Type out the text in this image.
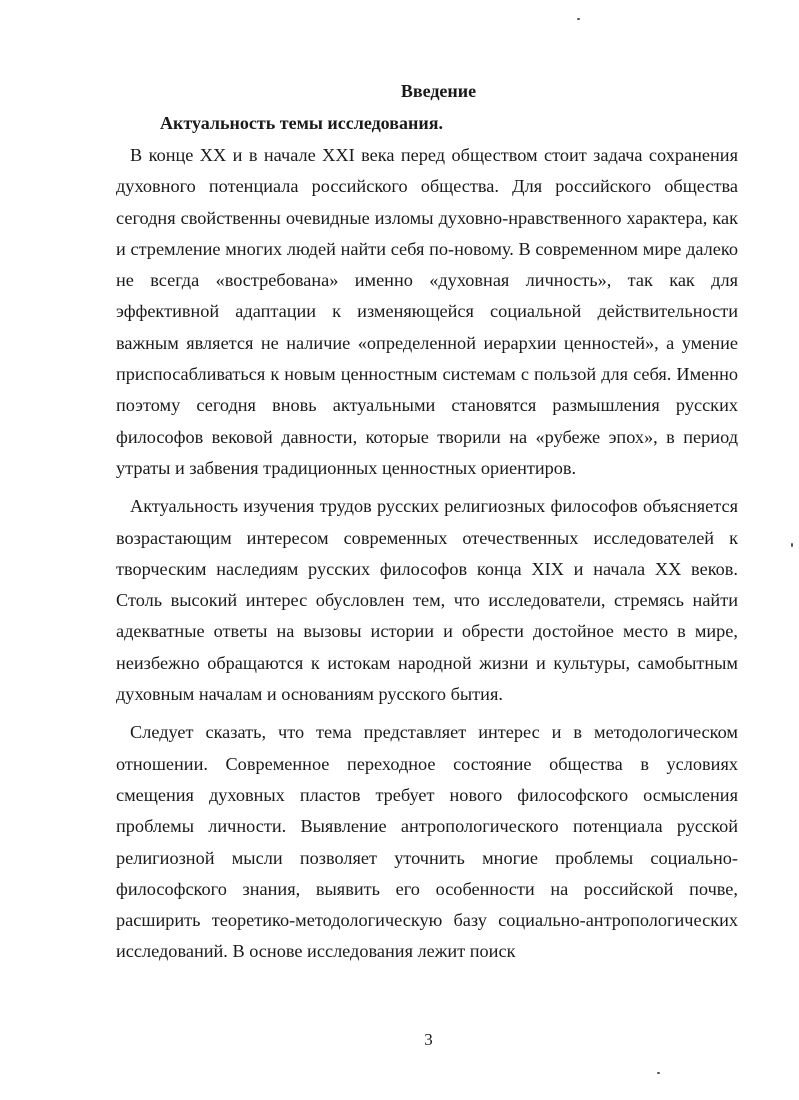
Введение
Актуальность темы исследования.

В конце XX и в начале XXI века перед обществом стоит задача сохранения духовного потенциала российского общества. Для российского общества сегодня свойственны очевидные изломы духовно-нравственного характера, как и стремление многих людей найти себя по-новому. В современном мире далеко не всегда «востребована» именно «духовная личность», так как для эффективной адаптации к изменяющейся социальной действительности важным является не наличие «определенной иерархии ценностей», а умение приспосабливаться к новым ценностным системам с пользой для себя. Именно поэтому сегодня вновь актуальными становятся размышления русских философов вековой давности, которые творили на «рубеже эпох», в период утраты и забвения традиционных ценностных ориентиров.

Актуальность изучения трудов русских религиозных философов объясняется возрастающим интересом современных отечественных исследователей к творческим наследиям русских философов конца XIX и начала XX веков. Столь высокий интерес обусловлен тем, что исследователи, стремясь найти адекватные ответы на вызовы истории и обрести достойное место в мире, неизбежно обращаются к истокам народной жизни и культуры, самобытным духовным началам и основаниям русского бытия.

Следует сказать, что тема представляет интерес и в методологическом отношении. Современное переходное состояние общества в условиях смещения духовных пластов требует нового философского осмысления проблемы личности. Выявление антропологического потенциала русской религиозной мысли позволяет уточнить многие проблемы социально-философского знания, выявить его особенности на российской почве, расширить теоретико-методологическую базу социально-антропологических исследований. В основе исследования лежит поиск

3
